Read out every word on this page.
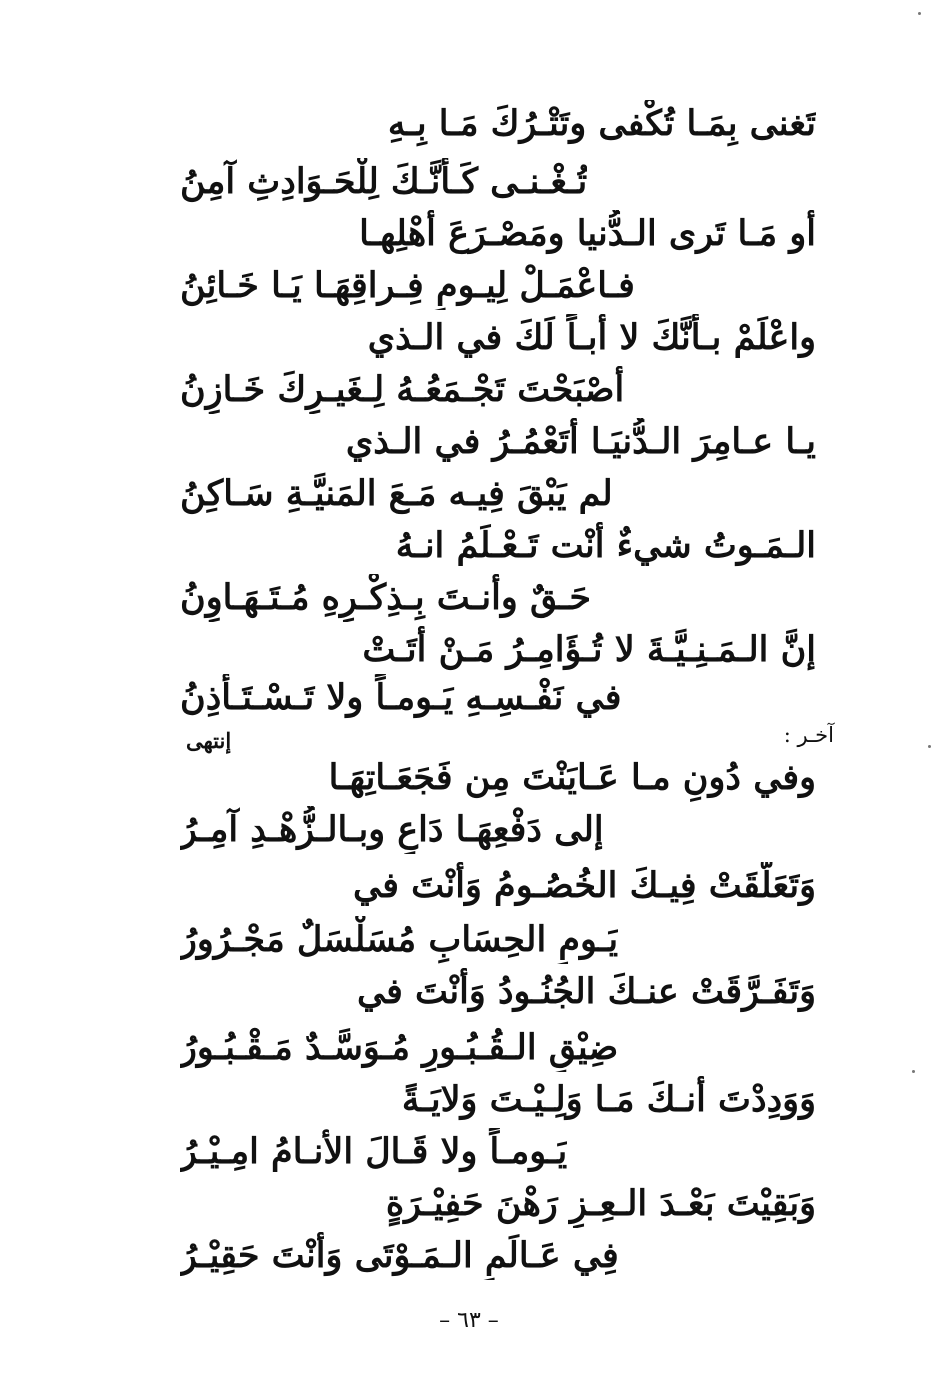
تَغنى بِمَـا تُكْفى وتَتْـرُكَ مَـا بِـهِ
تُـغْـنـى كَـأنَّـكَ لِلْحَـوَادِثِ آمِنُ
أو مَـا تَرى الـدُّنيا ومَصْـرَعَ أهْلِهـا
فـاعْمَـلْ لِيـومِ فِـراقِهَـا يَـا خَـائِنُ
واعْلَمْ بـأنَّكَ لا أَبـاً لَكَ في الـذي
أصْبَحْتَ تَجْـمَعُـهُ لِـغَيـرِكَ خَـازِنُ
يـا عـامِرَ الـدُّنيَـا أتَعْمُـرُ في الـذي
لم يَبْقَ فِيـه مَـعَ المَنيَّـةِ سَـاكِنُ
الـمَـوتُ شيءٌ أنْت تَـعْـلَمُ انـهُ
حَـقٌ وأنـتَ بِـذِكْـرِهِ مُـتَـهَـاوِنُ
إنَّ الـمَـنِـيَّـةَ لا تُـؤَامِـرُ مَـنْ أتَـتْ
في نَفْـسِـهِ يَـومـاً ولا تَـسْـتَـأذِنُ
آخـر :
إنتهى
وفي دُونِ مـا عَـايَنْتَ مِن فَجَعَـاتِهَـا
إلى دَفْعِهَـا دَاعٍ وبـالـزُّهْـدِ آمِـرُ
وَتَعَلَّقَتْ فِيـكَ الخُصُـومُ وَأنْتَ في
يَـومِ الحِسَابِ مُسَلْسَلٌ مَجْـرُورُ
وَتَفَـرَّقَتْ عنـكَ الجُنُـودُ وَأنْتَ في
ضِيْقِ الـقُـبُـورِ مُـوَسَّـدٌ مَـقْـبُـورُ
وَوَدِدْتَ أنـكَ مَـا وَلِـيْـتَ وَلايَـةً
يَـومـاً ولا قَـالَ الأنـامُ امِـيْـرُ
وَبَقِيْتَ بَعْـدَ الـعِـزِ رَهْنَ حَفِيْـرَةٍ
فِي عَـالَمِ الـمَـوْتَى وَأنْتَ حَقِيْـرُ
– ٦٣ –
